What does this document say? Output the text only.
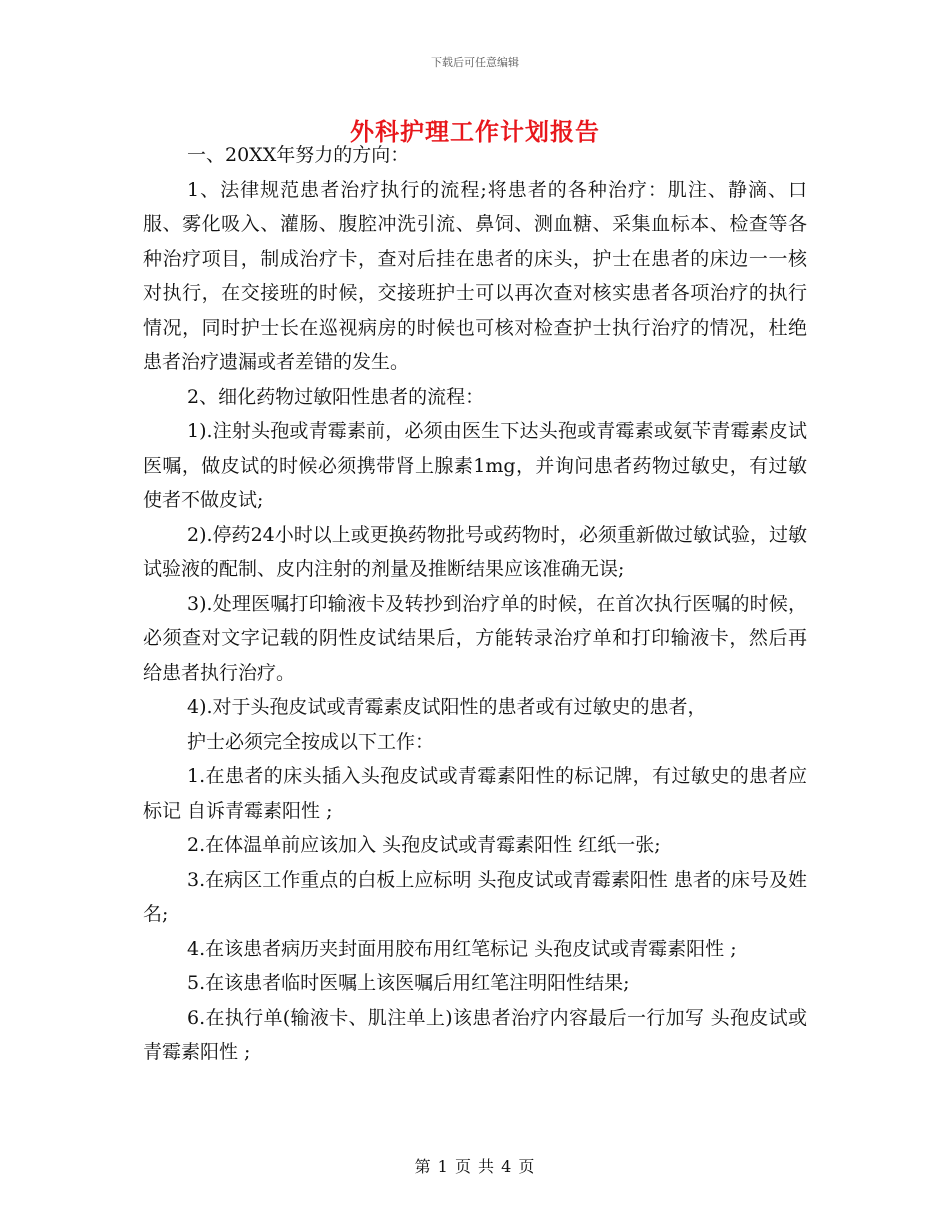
下载后可任意编辑
外科护理工作计划报告

一、20XX年努力的方向：

1、法律规范患者治疗执行的流程;将患者的各种治疗：肌注、静滴、口服、雾化吸入、灌肠、腹腔冲洗引流、鼻饲、测血糖、采集血标本、检查等各种治疗项目，制成治疗卡，查对后挂在患者的床头，护士在患者的床边一一核对执行，在交接班的时候，交接班护士可以再次查对核实患者各项治疗的执行情况，同时护士长在巡视病房的时候也可核对检查护士执行治疗的情况，杜绝患者治疗遗漏或者差错的发生。

2、细化药物过敏阳性患者的流程：

1).注射头孢或青霉素前，必须由医生下达头孢或青霉素或氨苄青霉素皮试医嘱，做皮试的时候必须携带肾上腺素1mg，并询问患者药物过敏史，有过敏使者不做皮试;

2).停药24小时以上或更换药物批号或药物时，必须重新做过敏试验，过敏试验液的配制、皮内注射的剂量及推断结果应该准确无误;

3).处理医嘱打印输液卡及转抄到治疗单的时候，在首次执行医嘱的时候，必须查对文字记载的阴性皮试结果后，方能转录治疗单和打印输液卡，然后再给患者执行治疗。

4).对于头孢皮试或青霉素皮试阳性的患者或有过敏史的患者，

护士必须完全按成以下工作：

1.在患者的床头插入头孢皮试或青霉素阳性的标记牌，有过敏史的患者应标记 自诉青霉素阳性 ;

2.在体温单前应该加入 头孢皮试或青霉素阳性 红纸一张;

3.在病区工作重点的白板上应标明 头孢皮试或青霉素阳性 患者的床号及姓名;

4.在该患者病历夹封面用胶布用红笔标记 头孢皮试或青霉素阳性 ;

5.在该患者临时医嘱上该医嘱后用红笔注明阳性结果;

6.在执行单(输液卡、肌注单上)该患者治疗内容最后一行加写 头孢皮试或青霉素阳性 ;

第 1 页 共 4 页
